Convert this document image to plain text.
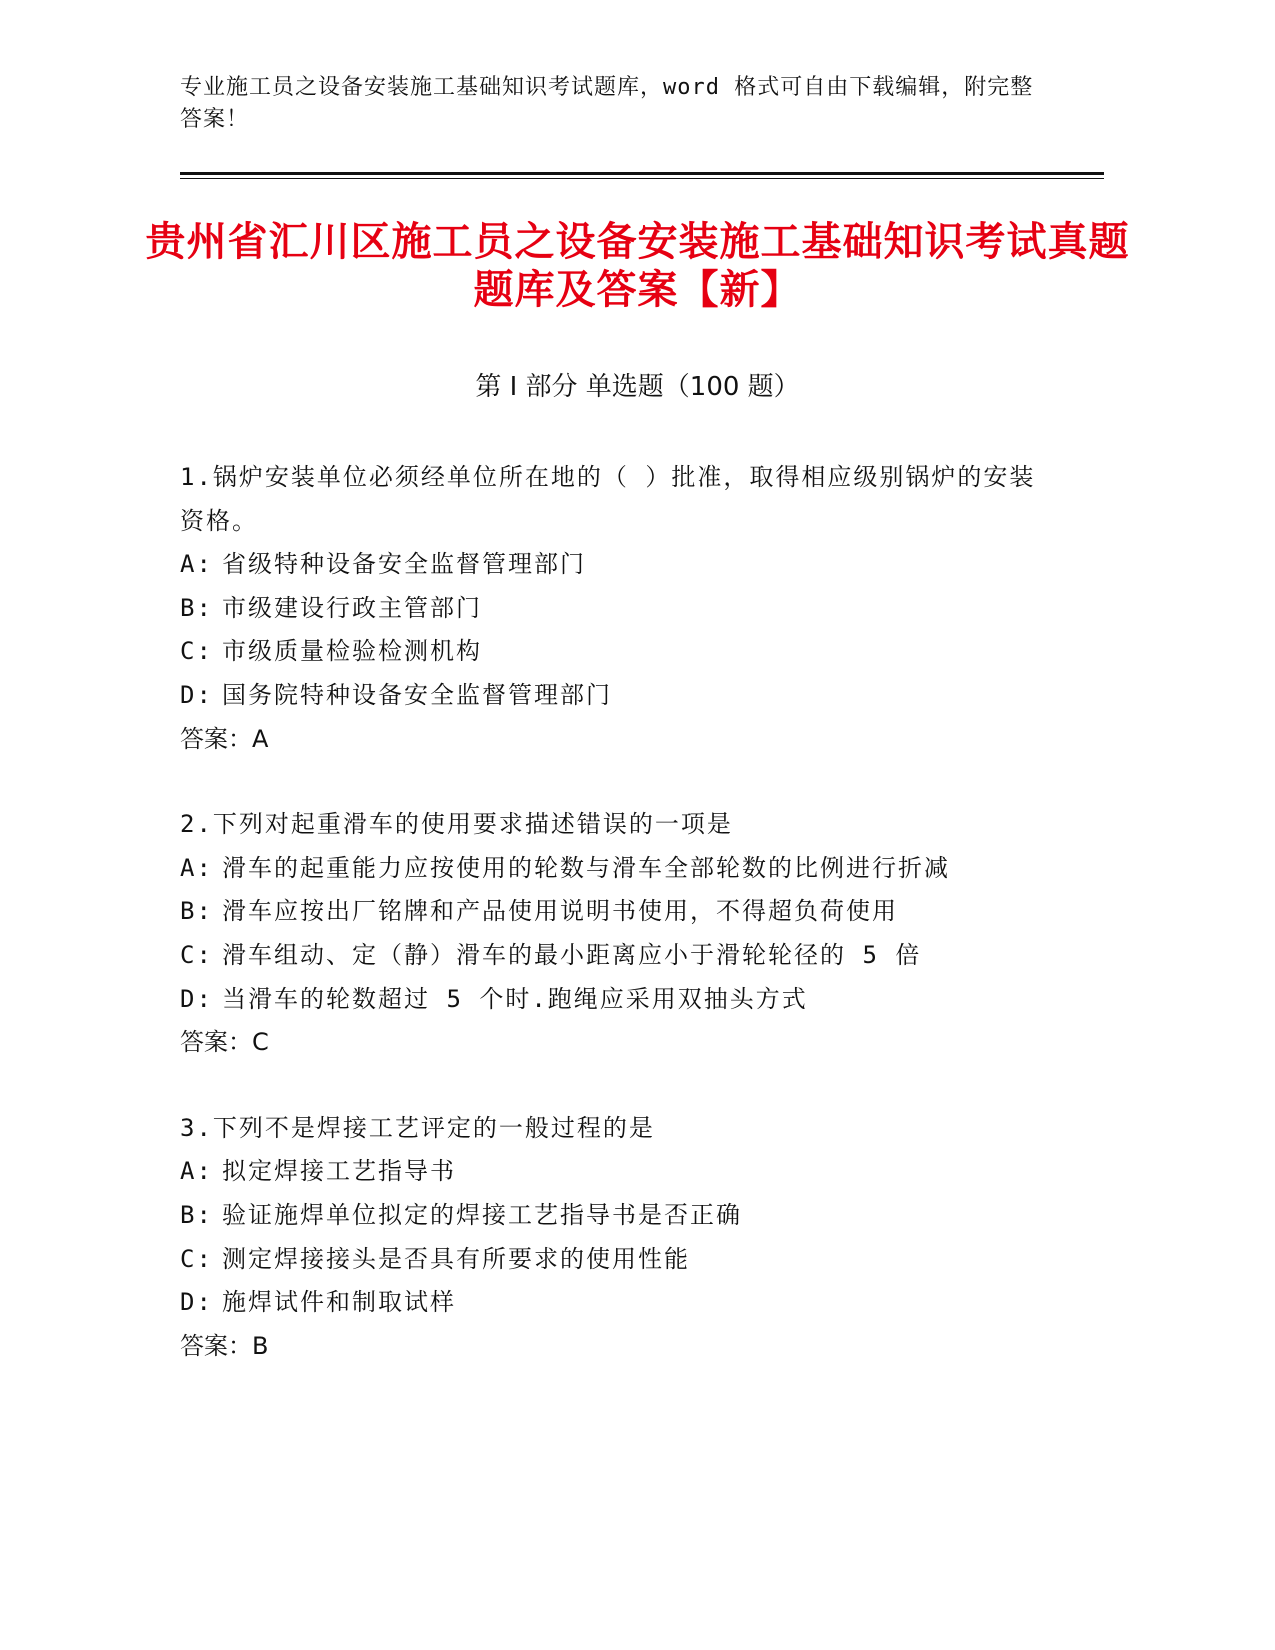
专业施工员之设备安装施工基础知识考试题库，word 格式可自由下载编辑，附完整答案！
贵州省汇川区施工员之设备安装施工基础知识考试真题题库及答案【新】
第 I 部分 单选题（100 题）
1.锅炉安装单位必须经单位所在地的（ ）批准，取得相应级别锅炉的安装资格。
A: 省级特种设备安全监督管理部门
B: 市级建设行政主管部门
C: 市级质量检验检测机构
D: 国务院特种设备安全监督管理部门
答案：A
2.下列对起重滑车的使用要求描述错误的一项是
A: 滑车的起重能力应按使用的轮数与滑车全部轮数的比例进行折减
B: 滑车应按出厂铭牌和产品使用说明书使用，不得超负荷使用
C: 滑车组动、定（静）滑车的最小距离应小于滑轮轮径的 5 倍
D: 当滑车的轮数超过 5 个时.跑绳应采用双抽头方式
答案：C
3.下列不是焊接工艺评定的一般过程的是
A: 拟定焊接工艺指导书
B: 验证施焊单位拟定的焊接工艺指导书是否正确
C: 测定焊接接头是否具有所要求的使用性能
D: 施焊试件和制取试样
答案：B
